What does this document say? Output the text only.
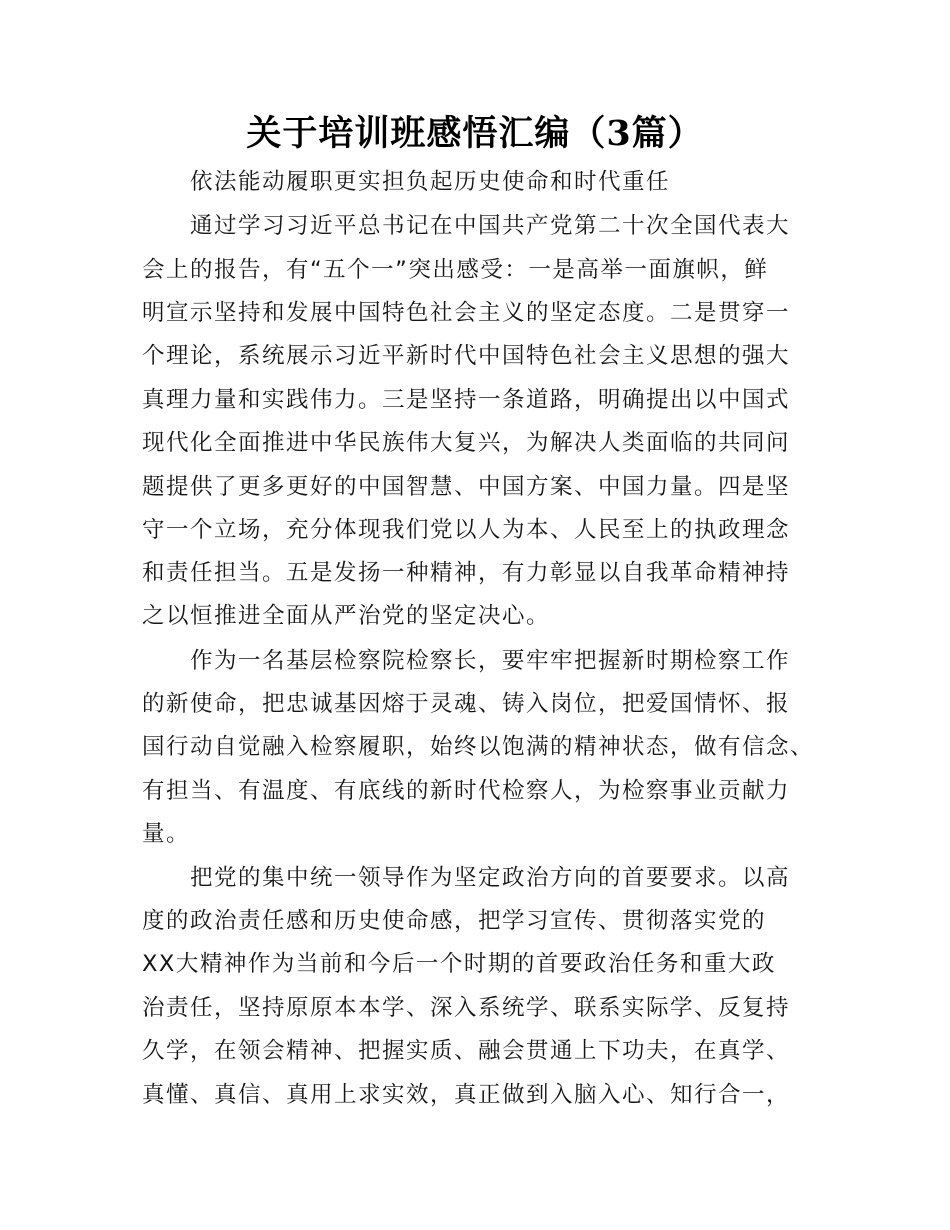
关于培训班感悟汇编（3篇）
依法能动履职更实担负起历史使命和时代重任
通过学习习近平总书记在中国共产党第二十次全国代表大
会上的报告，有“五个一”突出感受：一是高举一面旗帜，鲜
明宣示坚持和发展中国特色社会主义的坚定态度。二是贯穿一
个理论，系统展示习近平新时代中国特色社会主义思想的强大
真理力量和实践伟力。三是坚持一条道路，明确提出以中国式
现代化全面推进中华民族伟大复兴，为解决人类面临的共同问
题提供了更多更好的中国智慧、中国方案、中国力量。四是坚
守一个立场，充分体现我们党以人为本、人民至上的执政理念
和责任担当。五是发扬一种精神，有力彰显以自我革命精神持
之以恒推进全面从严治党的坚定决心。
作为一名基层检察院检察长，要牢牢把握新时期检察工作
的新使命，把忠诚基因熔于灵魂、铸入岗位，把爱国情怀、报
国行动自觉融入检察履职，始终以饱满的精神状态，做有信念、
有担当、有温度、有底线的新时代检察人，为检察事业贡献力
量。
把党的集中统一领导作为坚定政治方向的首要要求。以高
度的政治责任感和历史使命感，把学习宣传、贯彻落实党的
XX大精神作为当前和今后一个时期的首要政治任务和重大政
治责任，坚持原原本本学、深入系统学、联系实际学、反复持
久学，在领会精神、把握实质、融会贯通上下功夫，在真学、
真懂、真信、真用上求实效，真正做到入脑入心、知行合一，
